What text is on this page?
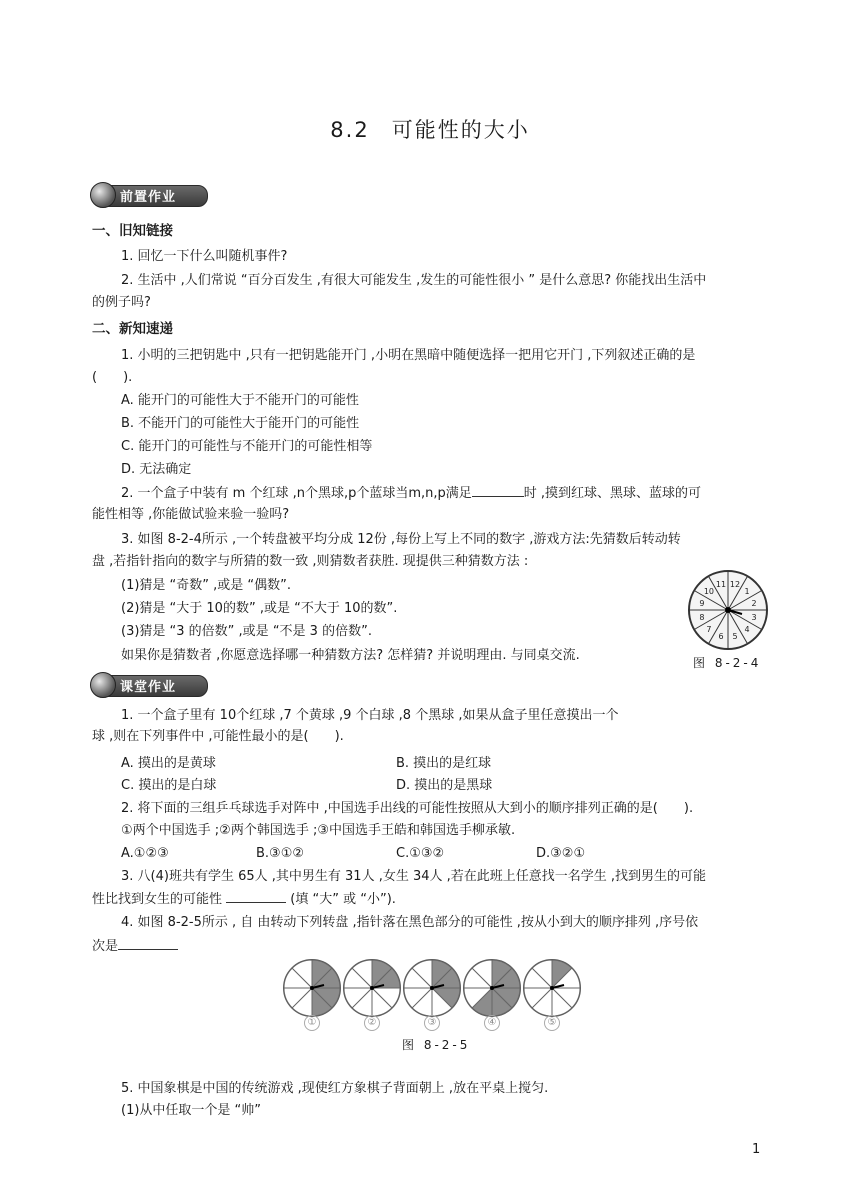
8.2 可能性的大小
前置作业
一、旧知链接
1. 回忆一下什么叫随机事件?
2. 生活中 ,人们常说 “百分百发生 ,有很大可能发生 ,发生的可能性很小 ” 是什么意思? 你能找出生活中
的例子吗?
二、新知速递
1. 小明的三把钥匙中 ,只有一把钥匙能开门 ,小明在黑暗中随便选择一把用它开门 ,下列叙述正确的是
(　　).
A. 能开门的可能性大于不能开门的可能性
B. 不能开门的可能性大于能开门的可能性
C. 能开门的可能性与不能开门的可能性相等
D. 无法确定
2. 一个盒子中装有 m 个红球 ,n个黑球,p个蓝球当m,n,p满足	时 ,摸到红球、黑球、蓝球的可
能性相等 ,你能做试验来验一验吗?
3. 如图 8-2-4所示 ,一个转盘被平均分成 12份 ,每份上写上不同的数字 ,游戏方法:先猜数后转动转
盘 ,若指针指向的数字与所猜的数一致 ,则猜数者获胜. 现提供三种猜数方法 :
(1)猜是 “奇数” ,或是 “偶数”.
(2)猜是 “大于 10的数” ,或是 “不大于 10的数”.
(3)猜是 “3 的倍数” ,或是 “不是 3 的倍数”.
如果你是猜数者 ,你愿意选择哪一种猜数方法? 怎样猜? 并说明理由. 与同桌交流.
12
1
2
3
4
5
6
7
8
9
10
11
图 8-2-4
课堂作业
1. 一个盒子里有 10个红球 ,7 个黄球 ,9 个白球 ,8 个黑球 ,如果从盒子里任意摸出一个
球 ,则在下列事件中 ,可能性最小的是(　　).
A. 摸出的是黄球	B. 摸出的是红球
C. 摸出的是白球	D. 摸出的是黑球
2. 将下面的三组乒乓球选手对阵中 ,中国选手出线的可能性按照从大到小的顺序排列正确的是(　　).
①两个中国选手 ;②两个韩国选手 ;③中国选手王皓和韩国选手柳承敏.
A.①②③	B.③①②	C.①③②	D.③②①
3. 八(4)班共有学生 65人 ,其中男生有 31人 ,女生 34人 ,若在此班上任意找一名学生 ,找到男生的可能
性比找到女生的可能性	(填 “大” 或 “小”).
4. 如图 8-2-5所示 , 自 由转动下列转盘 ,指针落在黑色部分的可能性 ,按从小到大的顺序排列 ,序号依
次是
①	②	③	④	⑤
图 8-2-5
5. 中国象棋是中国的传统游戏 ,现使红方象棋子背面朝上 ,放在平桌上搅匀.
(1)从中任取一个是 “帅”
1
